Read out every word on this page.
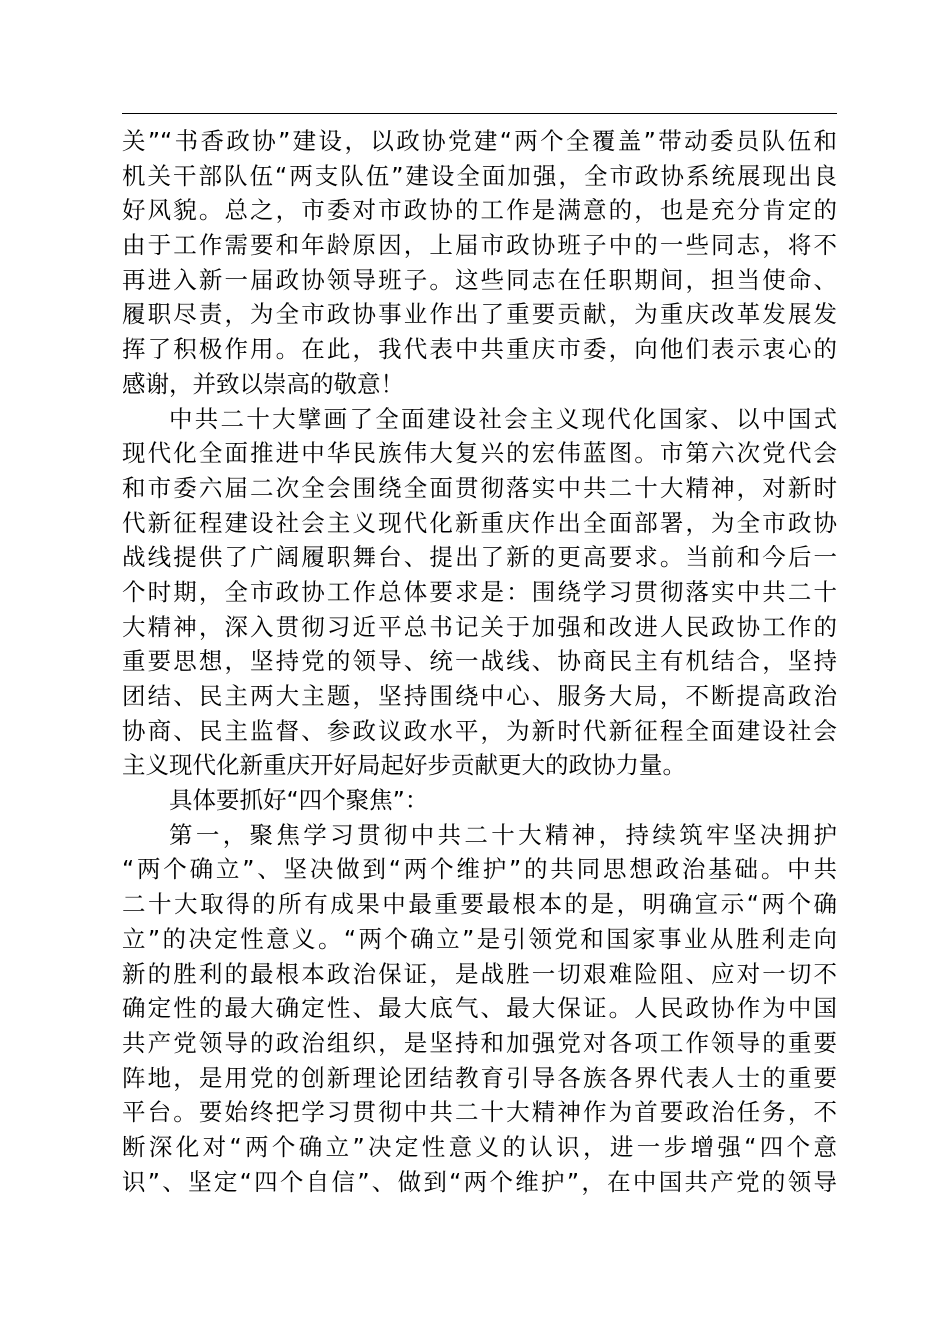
关”“书香政协”建设，以政协党建“两个全覆盖”带动委员队伍和
机关干部队伍“两支队伍”建设全面加强，全市政协系统展现出良
好风貌。总之，市委对市政协的工作是满意的，也是充分肯定的
由于工作需要和年龄原因，上届市政协班子中的一些同志，将不
再进入新一届政协领导班子。这些同志在任职期间，担当使命、
履职尽责，为全市政协事业作出了重要贡献，为重庆改革发展发
挥了积极作用。在此，我代表中共重庆市委，向他们表示衷心的
感谢，并致以崇高的敬意！
中共二十大擘画了全面建设社会主义现代化国家、以中国式
现代化全面推进中华民族伟大复兴的宏伟蓝图。市第六次党代会
和市委六届二次全会围绕全面贯彻落实中共二十大精神，对新时
代新征程建设社会主义现代化新重庆作出全面部署，为全市政协
战线提供了广阔履职舞台、提出了新的更高要求。当前和今后一
个时期，全市政协工作总体要求是：围绕学习贯彻落实中共二十
大精神，深入贯彻习近平总书记关于加强和改进人民政协工作的
重要思想，坚持党的领导、统一战线、协商民主有机结合，坚持
团结、民主两大主题，坚持围绕中心、服务大局，不断提高政治
协商、民主监督、参政议政水平，为新时代新征程全面建设社会
主义现代化新重庆开好局起好步贡献更大的政协力量。
具体要抓好“四个聚焦”：
第一，聚焦学习贯彻中共二十大精神，持续筑牢坚决拥护
“两个确立”、坚决做到“两个维护”的共同思想政治基础。中共
二十大取得的所有成果中最重要最根本的是，明确宣示“两个确
立”的决定性意义。“两个确立”是引领党和国家事业从胜利走向
新的胜利的最根本政治保证，是战胜一切艰难险阻、应对一切不
确定性的最大确定性、最大底气、最大保证。人民政协作为中国
共产党领导的政治组织，是坚持和加强党对各项工作领导的重要
阵地，是用党的创新理论团结教育引导各族各界代表人士的重要
平台。要始终把学习贯彻中共二十大精神作为首要政治任务，不
断深化对“两个确立”决定性意义的认识，进一步增强“四个意
识”、坚定“四个自信”、做到“两个维护”，在中国共产党的领导
